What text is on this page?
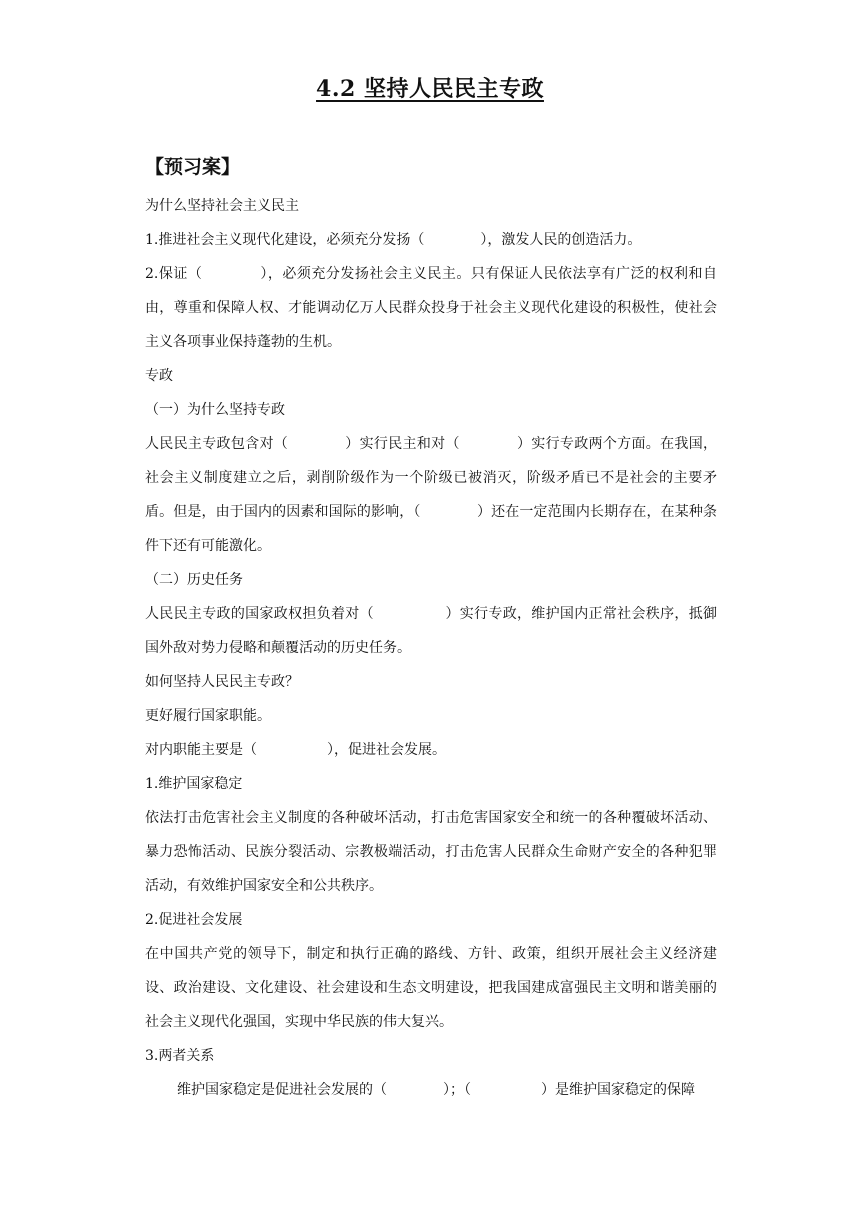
4.2 坚持人民民主专政
【预习案】

为什么坚持社会主义民主

1.推进社会主义现代化建设，必须充分发扬（　　　　），激发人民的创造活力。

2.保证（　　　　），必须充分发扬社会主义民主。只有保证人民依法享有广泛的权利和自由，尊重和保障人权、才能调动亿万人民群众投身于社会主义现代化建设的积极性，使社会主义各项事业保持蓬勃的生机。

专政

（一）为什么坚持专政

人民民主专政包含对（　　　　）实行民主和对（　　　　）实行专政两个方面。在我国，社会主义制度建立之后，剥削阶级作为一个阶级已被消灭，阶级矛盾已不是社会的主要矛盾。但是，由于国内的因素和国际的影响，（　　　　）还在一定范围内长期存在，在某种条件下还有可能激化。

（二）历史任务

人民民主专政的国家政权担负着对（　　　　　）实行专政，维护国内正常社会秩序，抵御国外敌对势力侵略和颠覆活动的历史任务。

如何坚持人民民主专政？

更好履行国家职能。

对内职能主要是（　　　　　），促进社会发展。

1.维护国家稳定

依法打击危害社会主义制度的各种破坏活动，打击危害国家安全和统一的各种覆破坏活动、暴力恐怖活动、民族分裂活动、宗教极端活动，打击危害人民群众生命财产安全的各种犯罪活动，有效维护国家安全和公共秩序。

2.促进社会发展

在中国共产党的领导下，制定和执行正确的路线、方针、政策，组织开展社会主义经济建设、政治建设、文化建设、社会建设和生态文明建设，把我国建成富强民主文明和谐美丽的社会主义现代化强国，实现中华民族的伟大复兴。

3.两者关系

维护国家稳定是促进社会发展的（　　　　）；（　　　　　）是维护国家稳定的保障
